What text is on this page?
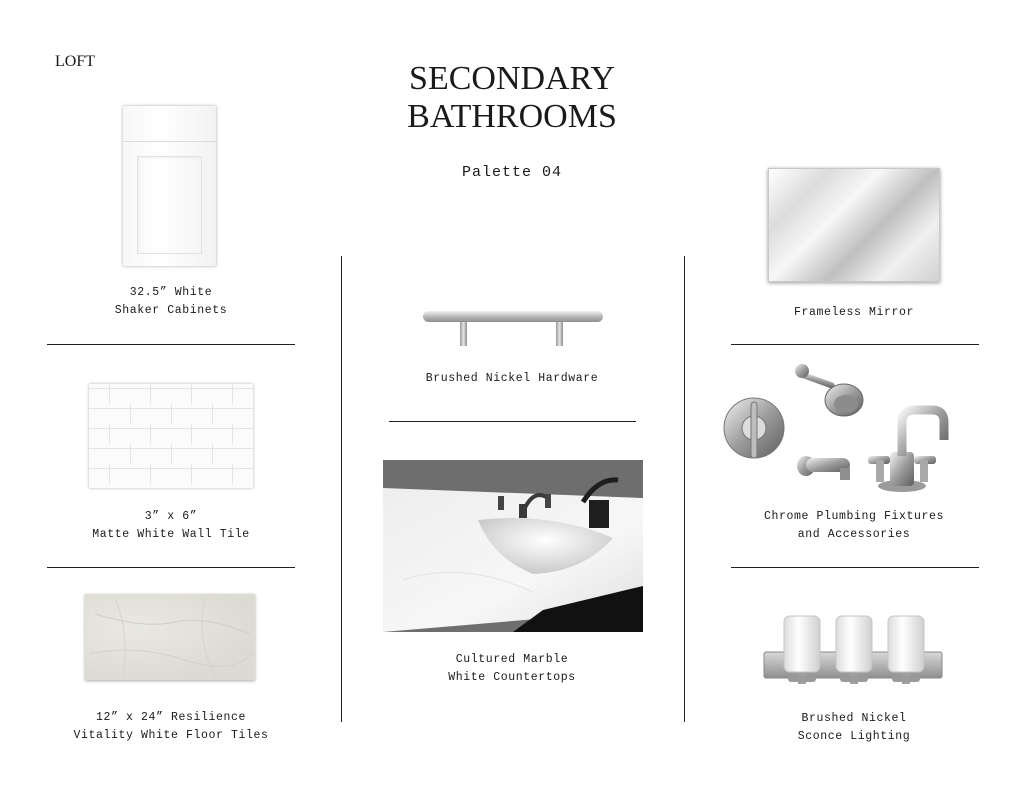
LOFT	SECONDARY
BATHROOMS
Palette 04
32.5” White
Shaker Cabinets
3” x 6”
Matte White Wall Tile
12” x 24” Resilience
Vitality White Floor Tiles
Brushed Nickel Hardware
Cultured Marble
White Countertops
Frameless Mirror
Chrome Plumbing Fixtures
and Accessories
Brushed Nickel
Sconce Lighting
